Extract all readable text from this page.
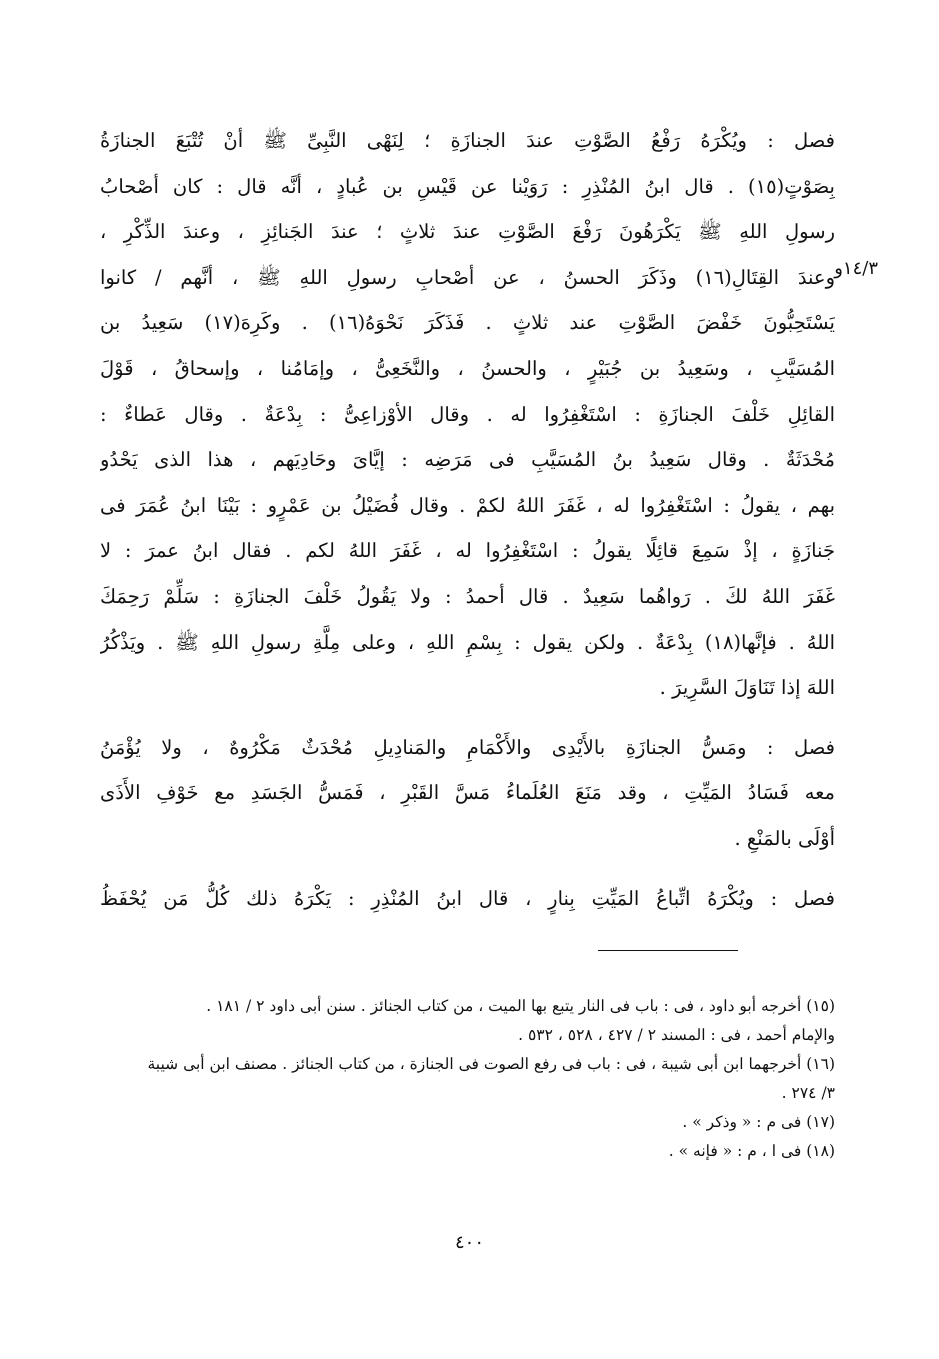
١٤/٣و
فصل : ويُكْرَهُ رَفْعُ الصَّوْتِ عندَ الجنازَةِ ؛ لِنَهْى النَّبِىِّ ﷺ أنْ تُتْبَعَ الجنازَةُ
بِصَوْتٍ(١٥) . قال ابنُ المُنْذِرِ : رَوَيْنا عن قَيْسِ بن عُبادٍ ، أنَّه قال : كان أصْحابُ
رسولِ اللهِ ﷺ يَكْرَهُونَ رَفْعَ الصَّوْتِ عندَ ثلاثٍ ؛ عندَ الجَنائِزِ ، وعندَ الذِّكْرِ ،
وعندَ القِتَالِ(١٦) وذَكَرَ الحسنُ ، عن أصْحابِ رسولِ اللهِ ﷺ ، أنَّهم / كانوا
يَسْتَحِبُّونَ خَفْضَ الصَّوْتِ عند ثلاثٍ . فَذَكَرَ نَحْوَهُ(١٦) . وكَرِهَ(١٧) سَعِيدُ بن
المُسَيَّبِ ، وسَعِيدُ بن جُبَيْرٍ ، والحسنُ ، والنَّخَعِىُّ ، وإمَامُنا ، وإسحاقُ ، قَوْلَ
القائِلِ خَلْفَ الجنازَةِ : اسْتَغْفِرُوا له . وقال الأوْزاعِىُّ : بِدْعَةٌ . وقال عَطاءٌ :
مُحْدَثَةٌ . وقال سَعِيدُ بنُ المُسَيَّبِ فى مَرَضِه : إيَّاىَ وحَادِيَهم ، هذا الذى يَحْدُو
بهم ، يقولُ : اسْتَغْفِرُوا له ، غَفَرَ اللهُ لكمْ . وقال فُضَيْلُ بن عَمْرٍو : بَيْنَا ابنُ عُمَرَ فى
جَنازَةٍ ، إذْ سَمِعَ قائِلًا يقولُ : اسْتَغْفِرُوا له ، غَفَرَ اللهُ لكم . فقال ابنُ عمرَ : لا
غَفَرَ اللهُ لكَ . رَواهُما سَعِيدٌ . قال أحمدُ : ولا يَقُولُ خَلْفَ الجنازَةِ : سَلِّمْ رَحِمَكَ
اللهُ . فإنَّها(١٨) بِدْعَةٌ . ولكن يقول : بِسْمِ اللهِ ، وعلى مِلَّةِ رسولِ اللهِ ﷺ . ويَذْكُرُ
اللهَ إذا تَنَاوَلَ السَّرِيرَ .
فصل : ومَسُّ الجنازَةِ بالأَيْدِى والأَكْمَامِ والمَنادِيلِ مُحْدَثٌ مَكْرُوهٌ ، ولا يُؤْمَنُ
معه فَسَادُ المَيِّتِ ، وقد مَنَعَ العُلَماءُ مَسَّ القَبْرِ ، فَمَسُّ الجَسَدِ مع خَوْفِ الأَذَى
أوْلَى بالمَنْعِ .
فصل : ويُكْرَهُ اتِّباعُ المَيِّتِ بِنارٍ ، قال ابنُ المُنْذِرِ : يَكْرَهُ ذلك كُلُّ مَن يُحْفَظُ
(١٥) أخرجه أبو داود ، فى : باب فى النار يتبع بها الميت ، من كتاب الجنائز . سنن أبى داود ٢ / ١٨١ .
والإمام أحمد ، فى : المسند ٢ / ٤٢٧ ، ٥٢٨ ، ٥٣٢ .
(١٦) أخرجهما ابن أبى شيبة ، فى : باب فى رفع الصوت فى الجنازة ، من كتاب الجنائز . مصنف ابن أبى شيبة
٣/ ٢٧٤ .
(١٧) فى م : « وذكر » .
(١٨) فى ا ، م : « فإنه » .
٤٠٠
